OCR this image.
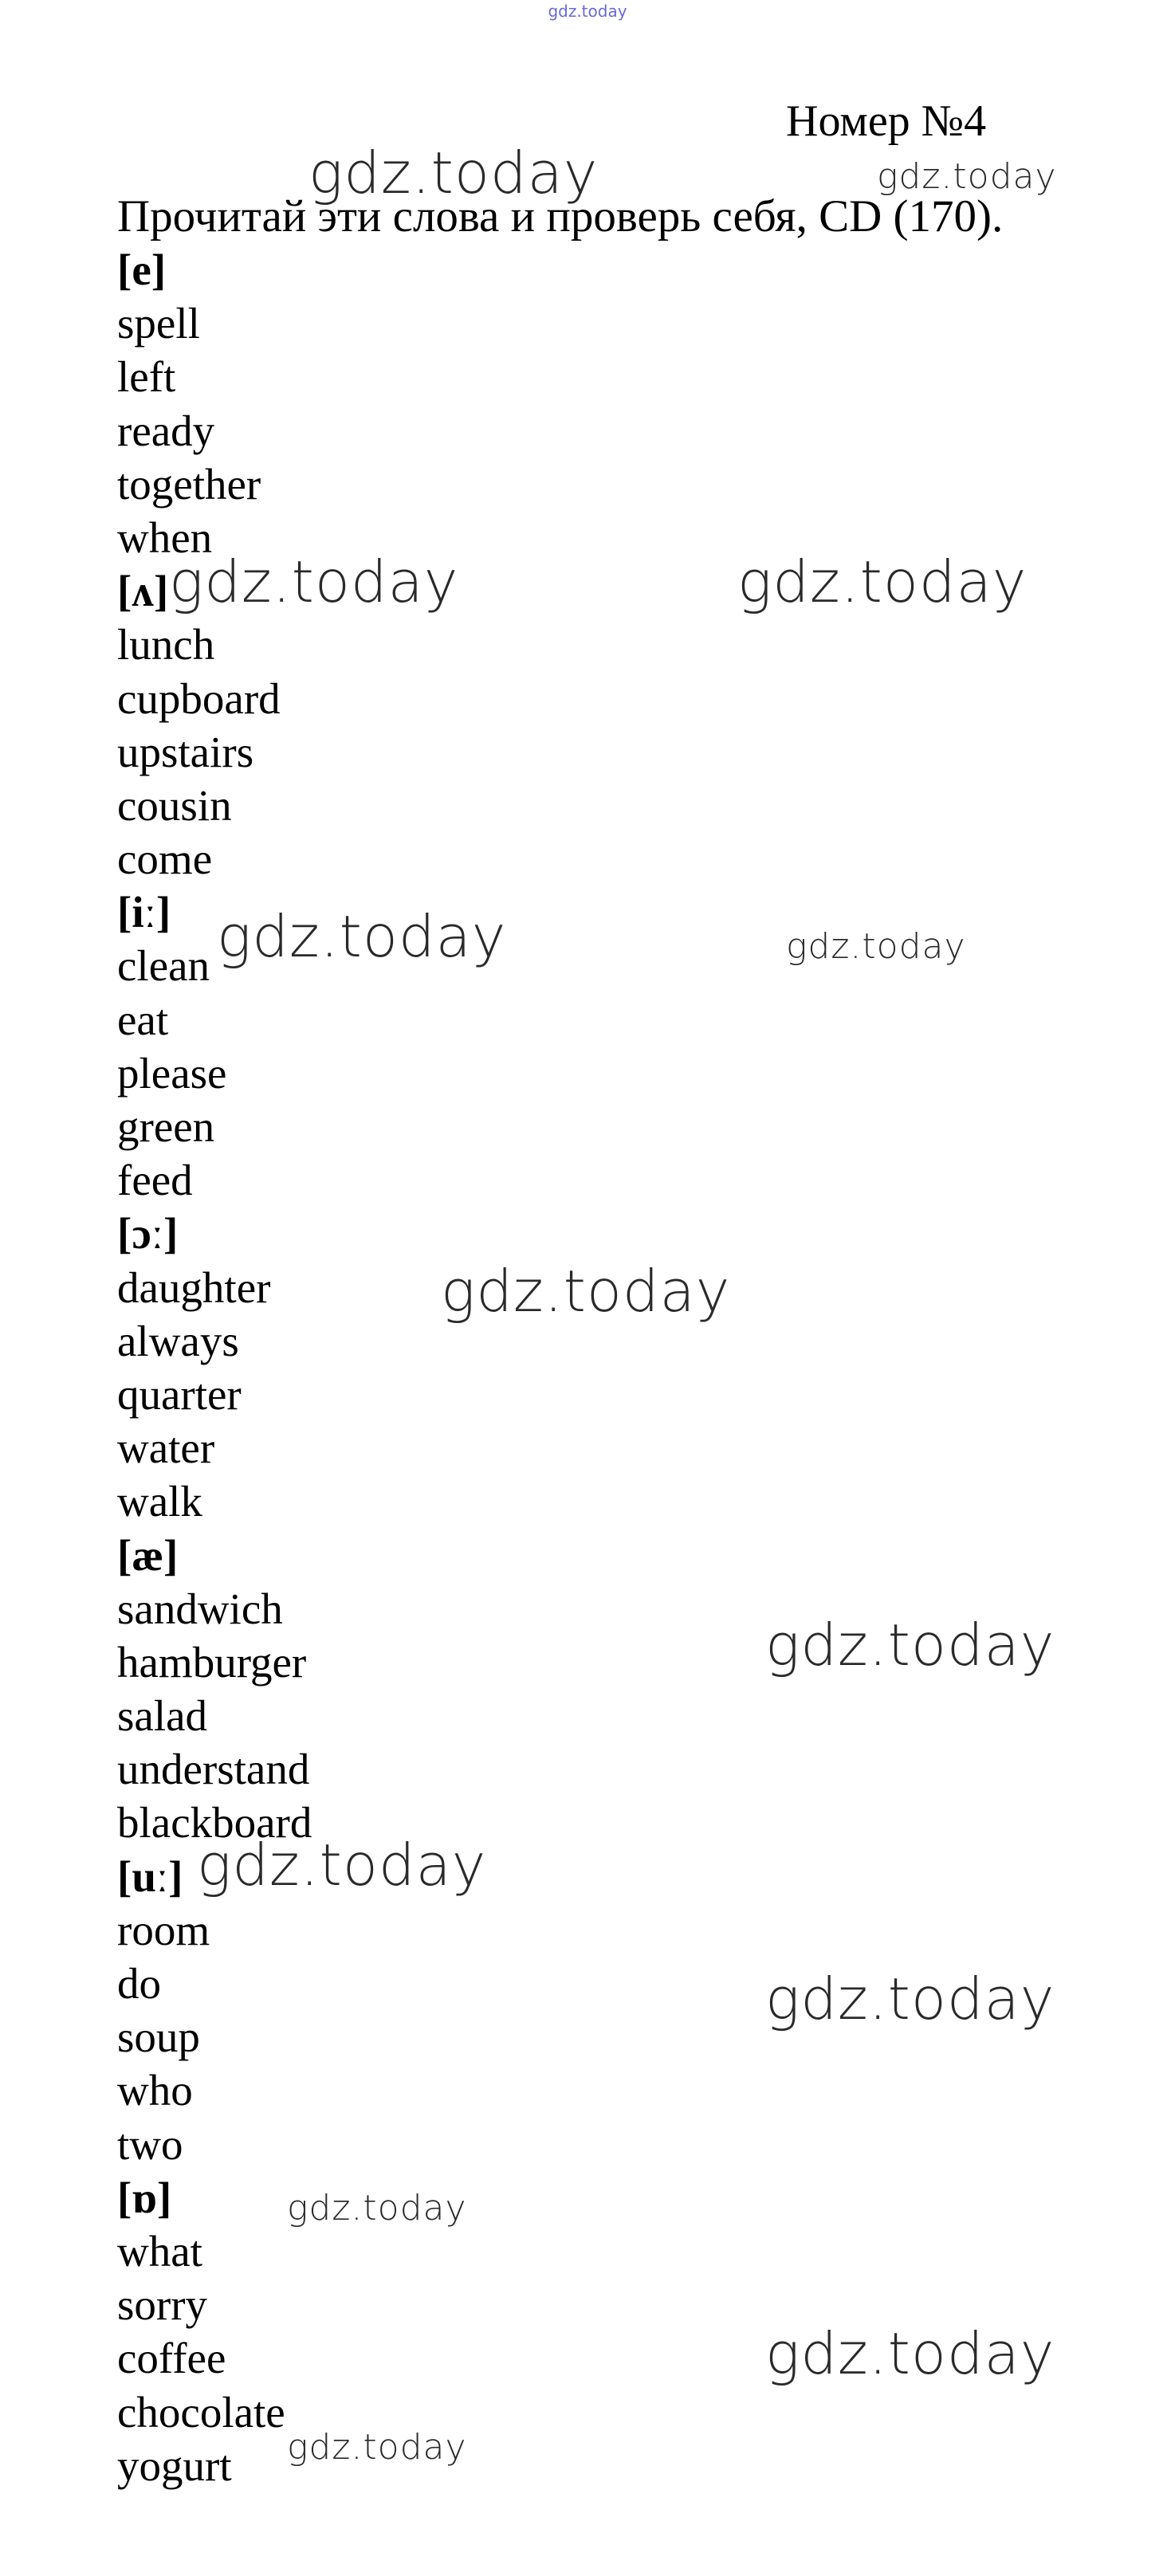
gdz.today
Номер №4
Прочитай эти слова и проверь себя, CD (170).
[e]
spell
left
ready
together
when
[ʌ]
lunch
cupboard
upstairs
cousin
come
[iː]
clean
eat
please
green
feed
[ɔː]
daughter
always
quarter
water
walk
[æ]
sandwich
hamburger
salad
understand
blackboard
[uː]
room
do
soup
who
two
[ɒ]
what
sorry
coffee
chocolate
yogurt
gdz.today	gdz.today
gdz.today	gdz.today
gdz.today	gdz.today
gdz.today
gdz.today
gdz.today
gdz.today
gdz.today
gdz.today
gdz.today
